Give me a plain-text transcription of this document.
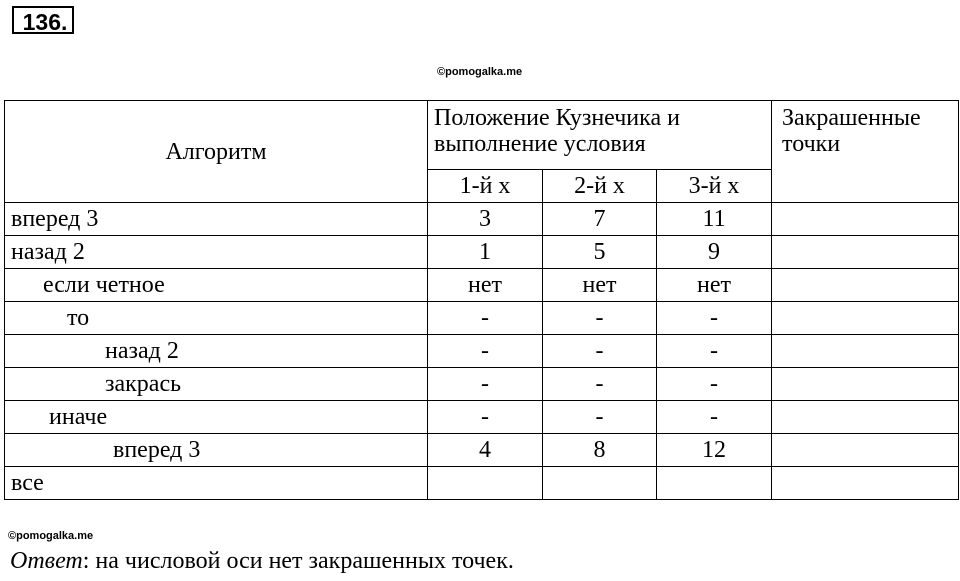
136.
©pomogalka.me
Алгоритм	Положение Кузнечика и выполнение условия			Закрашенные точки
	1-й х	2-й х	3-й х	
вперед 3	3	7	11	
назад 2	1	5	9	
если четное	нет	нет	нет	
то	-	-	-	
назад 2	-	-	-	
закрась	-	-	-	
иначе	-	-	-	
вперед 3	4	8	12	
все				
©pomogalka.me
Ответ: на числовой оси нет закрашенных точек.
